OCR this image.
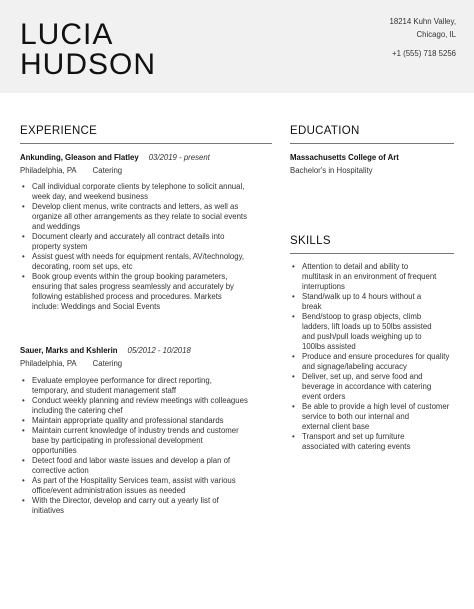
LUCIA
HUDSON
18214 Kuhn Valley,
Chicago, IL
+1 (555) 718 5256
EXPERIENCE
Ankunding, Gleason and Flatley 03/2019 - present
Philadelphia, PA Catering
• Call individual corporate clients by telephone to solicit annual,
week day, and weekend business
• Develop client menus, write contracts and letters, as well as
organize all other arrangements as they relate to social events
and weddings
• Document clearly and accurately all contract details into
property system
• Assist guest with needs for equipment rentals, AV/technology,
decorating, room set ups, etc
• Book group events within the group booking parameters,
ensuring that sales progress seamlessly and accurately by
following established process and procedures. Markets
include: Weddings and Social Events
Sauer, Marks and Kshlerin 05/2012 - 10/2018
Philadelphia, PA Catering
• Evaluate employee performance for direct reporting,
temporary, and student management staff
• Conduct weekly planning and review meetings with colleagues
including the catering chef
• Maintain appropriate quality and professional standards
• Maintain current knowledge of industry trends and customer
base by participating in professional development
opportunities
• Detect food and labor waste issues and develop a plan of
corrective action
• As part of the Hospitality Services team, assist with various
office/event administration issues as needed
• With the Director, develop and carry out a yearly list of
initiatives
EDUCATION
Massachusetts College of Art
Bachelor's in Hospitality
SKILLS
• Attention to detail and ability to
multitask in an environment of frequent
interruptions
• Stand/walk up to 4 hours without a
break
• Bend/stoop to grasp objects, climb
ladders, lift loads up to 50lbs assisted
and push/pull loads weighing up to
100lbs assisted
• Produce and ensure procedures for quality
and signage/labeling accuracy
• Deliver, set up, and serve food and
beverage in accordance with catering
event orders
• Be able to provide a high level of customer
service to both our internal and
external client base
• Transport and set up furniture
associated with catering events
